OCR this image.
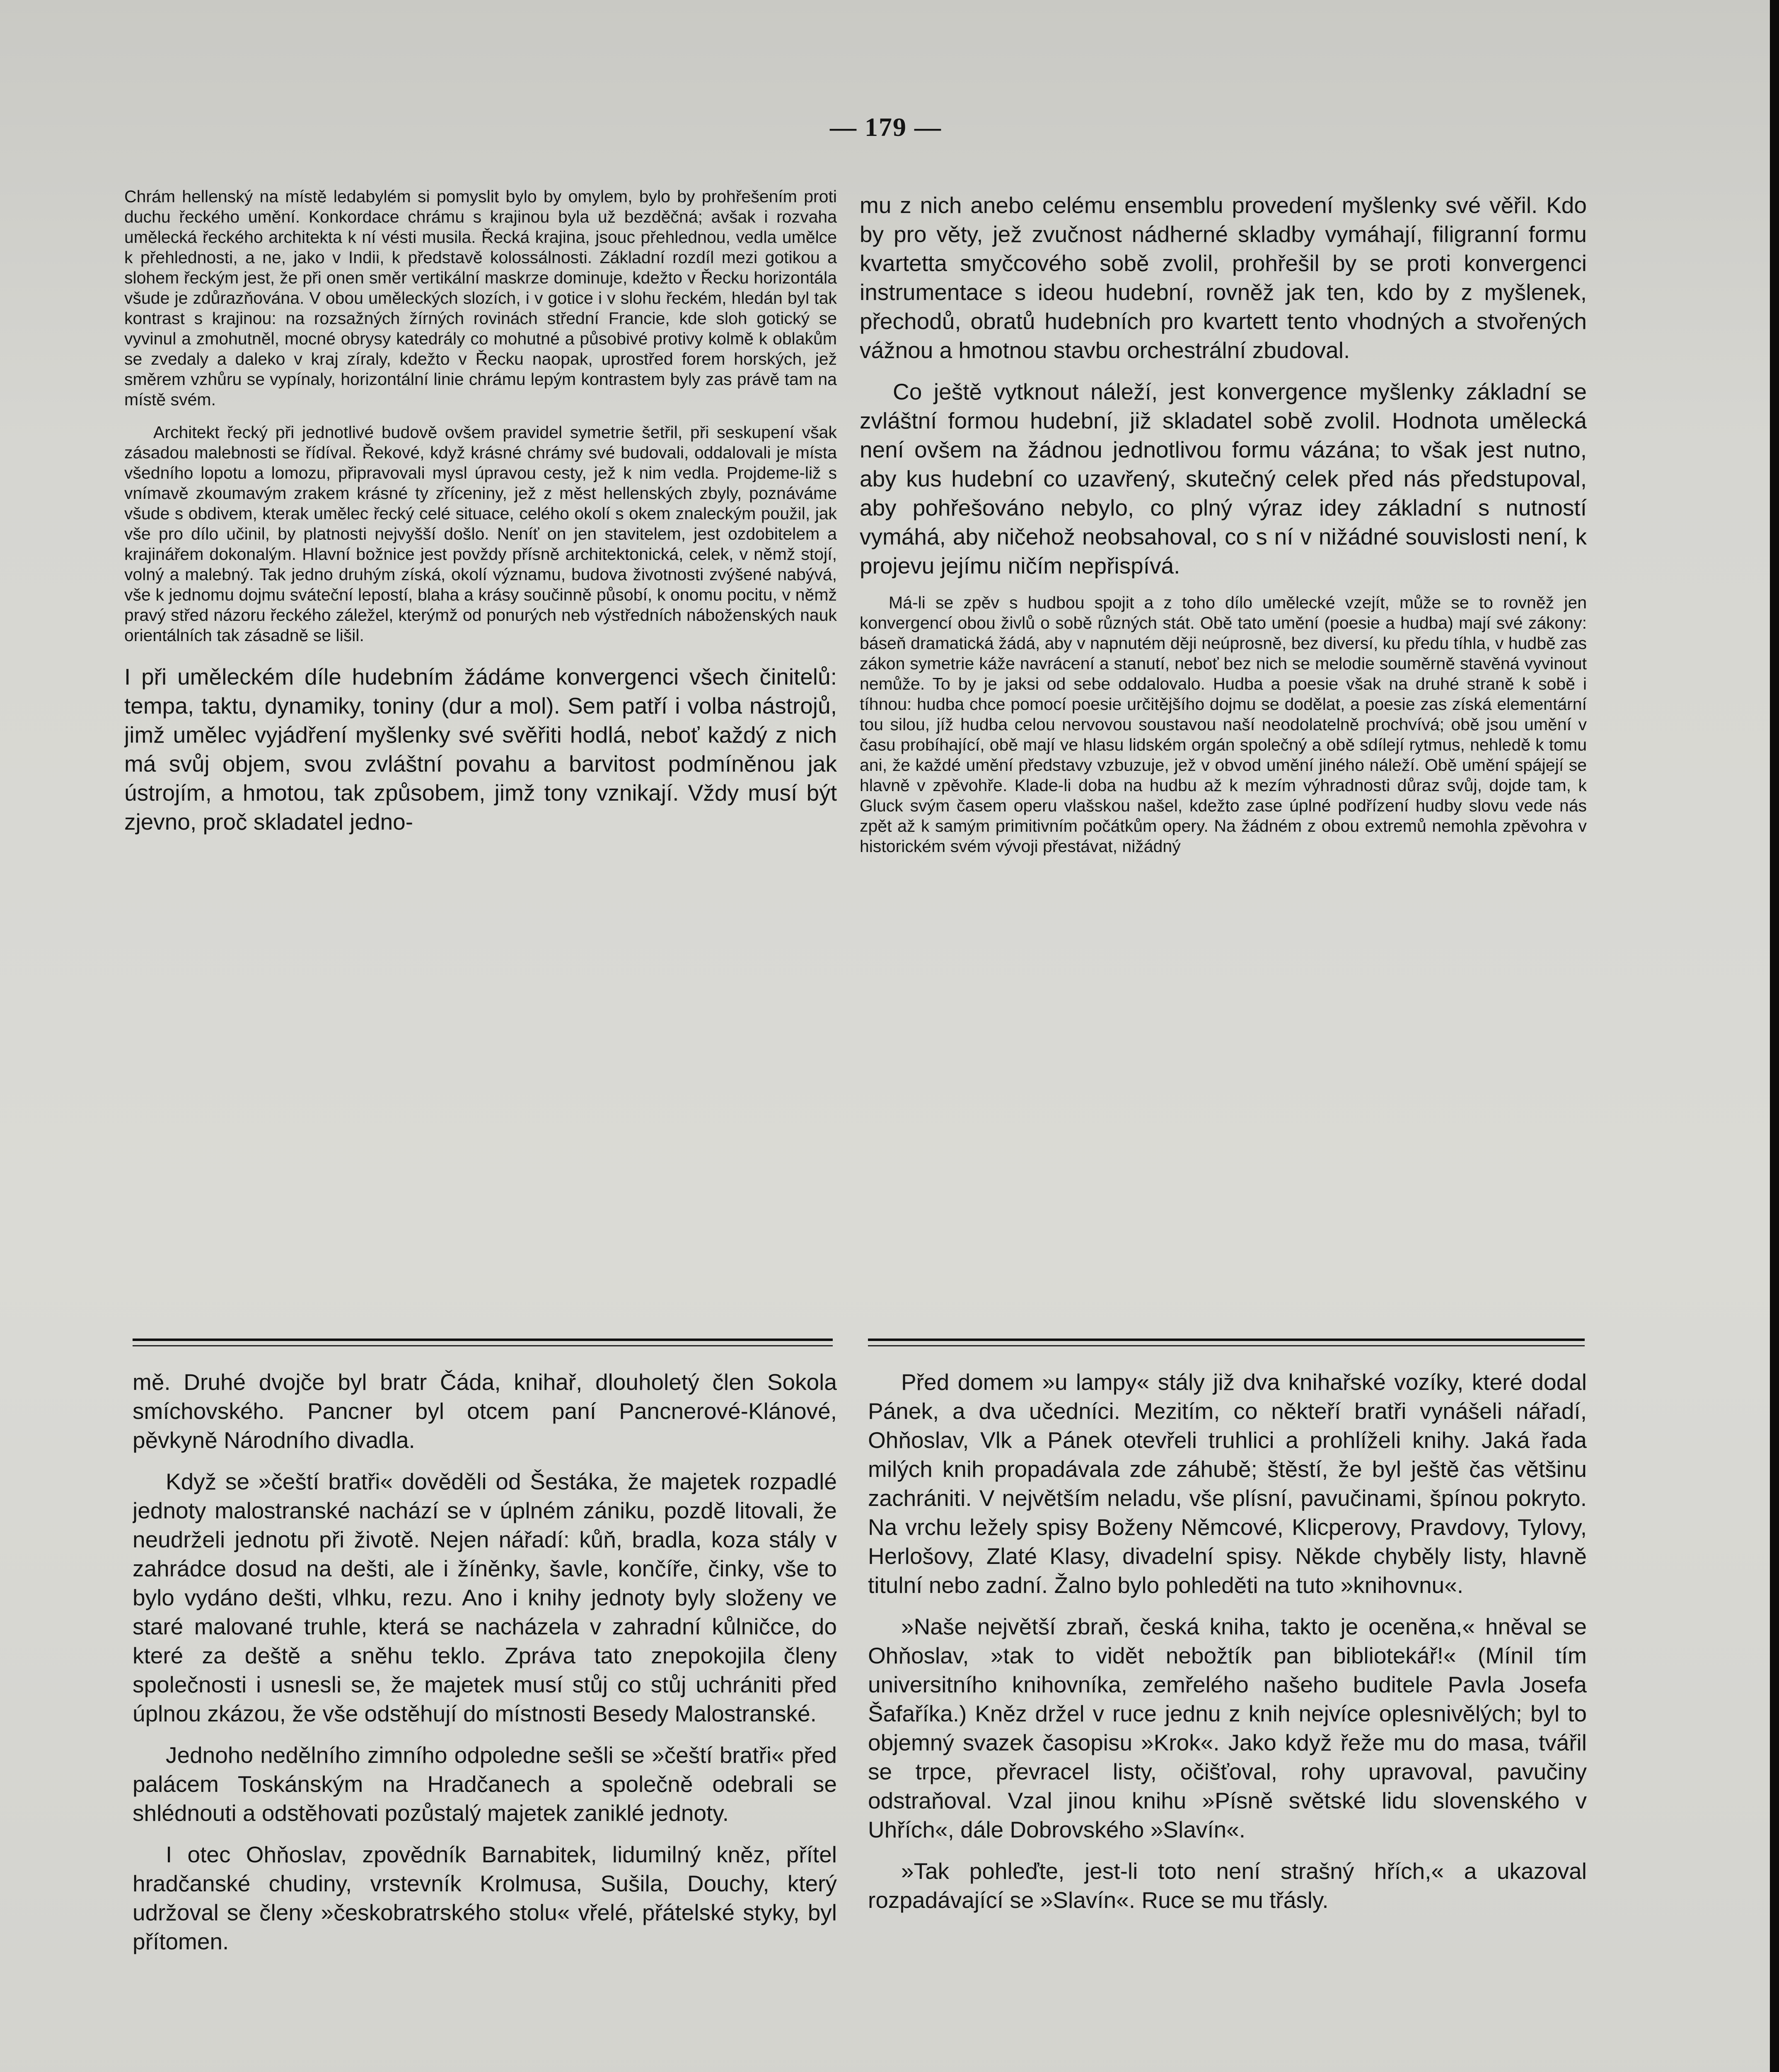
— 179 —

Chrám hellenský na místě ledabylém si pomyslit bylo by omylem, bylo by prohřešením proti duchu řeckého umění. Konkordace chrámu s krajinou byla už bezděčná; avšak i rozvaha umělecká řeckého architekta k ní vésti musila. Řecká krajina, jsouc přehlednou, vedla umělce k přehlednosti, a ne, jako v Indii, k představě kolossálnosti. Základní rozdíl mezi gotikou a slohem řeckým jest, že při onen směr vertikální maskrze dominuje, kdežto v Řecku horizontála všude je zdůrazňována. V obou uměleckých slozích, i v gotice i v slohu řeckém, hledán byl tak kontrast s krajinou: na rozsažných žírných rovinách střední Francie, kde sloh gotický se vyvinul a zmohutněl, mocné obrysy katedrály co mohutné a působivé protivy kolmě k oblakům se zvedaly a daleko v kraj zíraly, kdežto v Řecku naopak, uprostřed forem horských, jež směrem vzhůru se vypínaly, horizontální linie chrámu lepým kontrastem byly zas právě tam na místě svém.

Architekt řecký při jednotlivé budově ovšem pravidel symetrie šetřil, při seskupení však zásadou malebnosti se řídíval. Řekové, když krásné chrámy své budovali, oddalovali je místa všedního lopotu a lomozu, připravovali mysl úpravou cesty, jež k nim vedla. Projdeme-liž s vnímavě zkoumavým zrakem krásné ty zříceniny, jež z měst hellenských zbyly, poznáváme všude s obdivem, kterak umělec řecký celé situace, celého okolí s okem znaleckým použil, jak vše pro dílo učinil, by platnosti nejvyšší došlo. Neníť on jen stavitelem, jest ozdobitelem a krajinářem dokonalým. Hlavní božnice jest povždy přísně architektonická, celek, v němž stojí, volný a malebný. Tak jedno druhým získá, okolí významu, budova životnosti zvýšené nabývá, vše k jednomu dojmu sváteční lepostí, blaha a krásy součinně působí, k onomu pocitu, v němž pravý střed názoru řeckého záležel, kterýmž od ponurých neb výstředních náboženských nauk orientálních tak zásadně se lišil.

I při uměleckém díle hudebním žádáme konvergenci všech činitelů: tempa, taktu, dynamiky, toniny (dur a mol). Sem patří i volba nástrojů, jimž umělec vyjádření myšlenky své svěřiti hodlá, neboť každý z nich má svůj objem, svou zvláštní povahu a barvitost podmíněnou jak ústrojím, a hmotou, tak způsobem, jimž tony vznikají. Vždy musí být zjevno, proč skladatel jedno-

mu z nich anebo celému ensemblu provedení myšlenky své věřil. Kdo by pro věty, jež zvučnost nádherné skladby vymáhají, filigranní formu kvartetta smyčcového sobě zvolil, prohřešil by se proti konvergenci instrumentace s ideou hudební, rovněž jak ten, kdo by z myšlenek, přechodů, obratů hudebních pro kvartett tento vhodných a stvořených vážnou a hmotnou stavbu orchestrální zbudoval.

Co ještě vytknout náleží, jest konvergence myšlenky základní se zvláštní formou hudební, již skladatel sobě zvolil. Hodnota umělecká není ovšem na žádnou jednotlivou formu vázána; to však jest nutno, aby kus hudební co uzavřený, skutečný celek před nás předstupoval, aby pohřešováno nebylo, co plný výraz idey základní s nutností vymáhá, aby ničehož neobsahoval, co s ní v nižádné souvislosti není, k projevu jejímu ničím nepřispívá.

Má-li se zpěv s hudbou spojit a z toho dílo umělecké vzejít, může se to rovněž jen konvergencí obou živlů o sobě různých stát. Obě tato umění (poesie a hudba) mají své zákony: báseň dramatická žádá, aby v napnutém ději neúprosně, bez diversí, ku předu tíhla, v hudbě zas zákon symetrie káže navrácení a stanutí, neboť bez nich se melodie souměrně stavěná vyvinout nemůže. To by je jaksi od sebe oddalovalo. Hudba a poesie však na druhé straně k sobě i tíhnou: hudba chce pomocí poesie určitějšího dojmu se dodělat, a poesie zas získá elementární tou silou, jíž hudba celou nervovou soustavou naší neodolatelně prochvívá; obě jsou umění v času probíhající, obě mají ve hlasu lidském orgán společný a obě sdílejí rytmus, nehledě k tomu ani, že každé umění představy vzbuzuje, jež v obvod umění jiného náleží. Obě umění spájejí se hlavně v zpěvohře. Klade-li doba na hudbu až k mezím výhradnosti důraz svůj, dojde tam, k Gluck svým časem operu vlašskou našel, kdežto zase úplné podřízení hudby slovu vede nás zpět až k samým primitivním počátkům opery. Na žádném z obou extremů nemohla zpěvohra v historickém svém vývoji přestávat, nižádný

mě. Druhé dvojče byl bratr Čáda, knihař, dlouholetý člen Sokola smíchovského. Pancner byl otcem paní Pancnerové-Klánové, pěvkyně Národního divadla.

Když se »čeští bratři« dověděli od Šestáka, že majetek rozpadlé jednoty malostranské nachází se v úplném zániku, pozdě litovali, že neudrželi jednotu při životě. Nejen nářadí: kůň, bradla, koza stály v zahrádce dosud na dešti, ale i žíněnky, šavle, končíře, činky, vše to bylo vydáno dešti, vlhku, rezu. Ano i knihy jednoty byly složeny ve staré malované truhle, která se nacházela v zahradní kůlničce, do které za deště a sněhu teklo. Zpráva tato znepokojila členy společnosti i usnesli se, že majetek musí stůj co stůj uchrániti před úplnou zkázou, že vše odstěhují do místnosti Besedy Malostranské.

Jednoho nedělního zimního odpoledne sešli se »čeští bratři« před palácem Toskánským na Hradčanech a společně odebrali se shlédnouti a odstěhovati pozůstalý majetek zaniklé jednoty.

I otec Ohňoslav, zpovědník Barnabitek, lidumilný kněz, přítel hradčanské chudiny, vrstevník Krolmusa, Sušila, Douchy, který udržoval se členy »českobratrského stolu« vřelé, přátelské styky, byl přítomen.

Před domem »u lampy« stály již dva knihařské vozíky, které dodal Pánek, a dva učedníci. Mezitím, co někteří bratři vynášeli nářadí, Ohňoslav, Vlk a Pánek otevřeli truhlici a prohlíželi knihy. Jaká řada milých knih propadávala zde záhubě; štěstí, že byl ještě čas většinu zachrániti. V největším neladu, vše plísní, pavučinami, špínou pokryto. Na vrchu ležely spisy Boženy Němcové, Klicperovy, Pravdovy, Tylovy, Herlošovy, Zlaté Klasy, divadelní spisy. Někde chyběly listy, hlavně titulní nebo zadní. Žalno bylo pohleděti na tuto »knihovnu«.

»Naše největší zbraň, česká kniha, takto je oceněna,« hněval se Ohňoslav, »tak to vidět nebožtík pan bibliotekář!« (Mínil tím universitního knihovníka, zemřelého našeho buditele Pavla Josefa Šafaříka.) Kněz držel v ruce jednu z knih nejvíce oplesnivělých; byl to objemný svazek časopisu »Krok«. Jako když řeže mu do masa, tvářil se trpce, převracel listy, očišťoval, rohy upravoval, pavučiny odstraňoval. Vzal jinou knihu »Písně světské lidu slovenského v Uhřích«, dále Dobrovského »Slavín«.

»Tak pohleďte, jest-li toto není strašný hřích,« a ukazoval rozpadávající se »Slavín«. Ruce se mu třásly.
